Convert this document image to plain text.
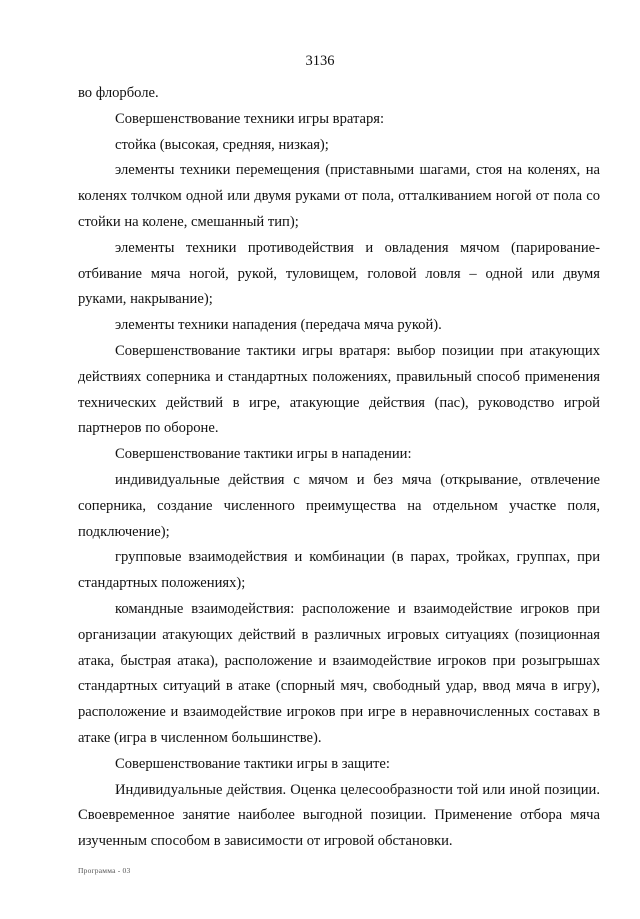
3136

во флорболе.

Совершенствование техники игры вратаря:

стойка (высокая, средняя, низкая);

элементы техники перемещения (приставными шагами, стоя на коленях, на коленях толчком одной или двумя руками от пола, отталкиванием ногой от пола со стойки на колене, смешанный тип);

элементы техники противодействия и овладения мячом (парирование-отбивание мяча ногой, рукой, туловищем, головой ловля – одной или двумя руками, накрывание);

элементы техники нападения (передача мяча рукой).

Совершенствование тактики игры вратаря: выбор позиции при атакующих действиях соперника и стандартных положениях, правильный способ применения технических действий в игре, атакующие действия (пас), руководство игрой партнеров по обороне.

Совершенствование тактики игры в нападении:

индивидуальные действия с мячом и без мяча (открывание, отвлечение соперника, создание численного преимущества на отдельном участке поля, подключение);

групповые взаимодействия и комбинации (в парах, тройках, группах, при стандартных положениях);

командные взаимодействия: расположение и взаимодействие игроков при организации атакующих действий в различных игровых ситуациях (позиционная атака, быстрая атака), расположение и взаимодействие игроков при розыгрышах стандартных ситуаций в атаке (спорный мяч, свободный удар, ввод мяча в игру), расположение и взаимодействие игроков при игре в неравночисленных составах в атаке (игра в численном большинстве).

Совершенствование тактики игры в защите:

Индивидуальные действия. Оценка целесообразности той или иной позиции. Своевременное занятие наиболее выгодной позиции. Применение отбора мяча изученным способом в зависимости от игровой обстановки.

Программа - 03
